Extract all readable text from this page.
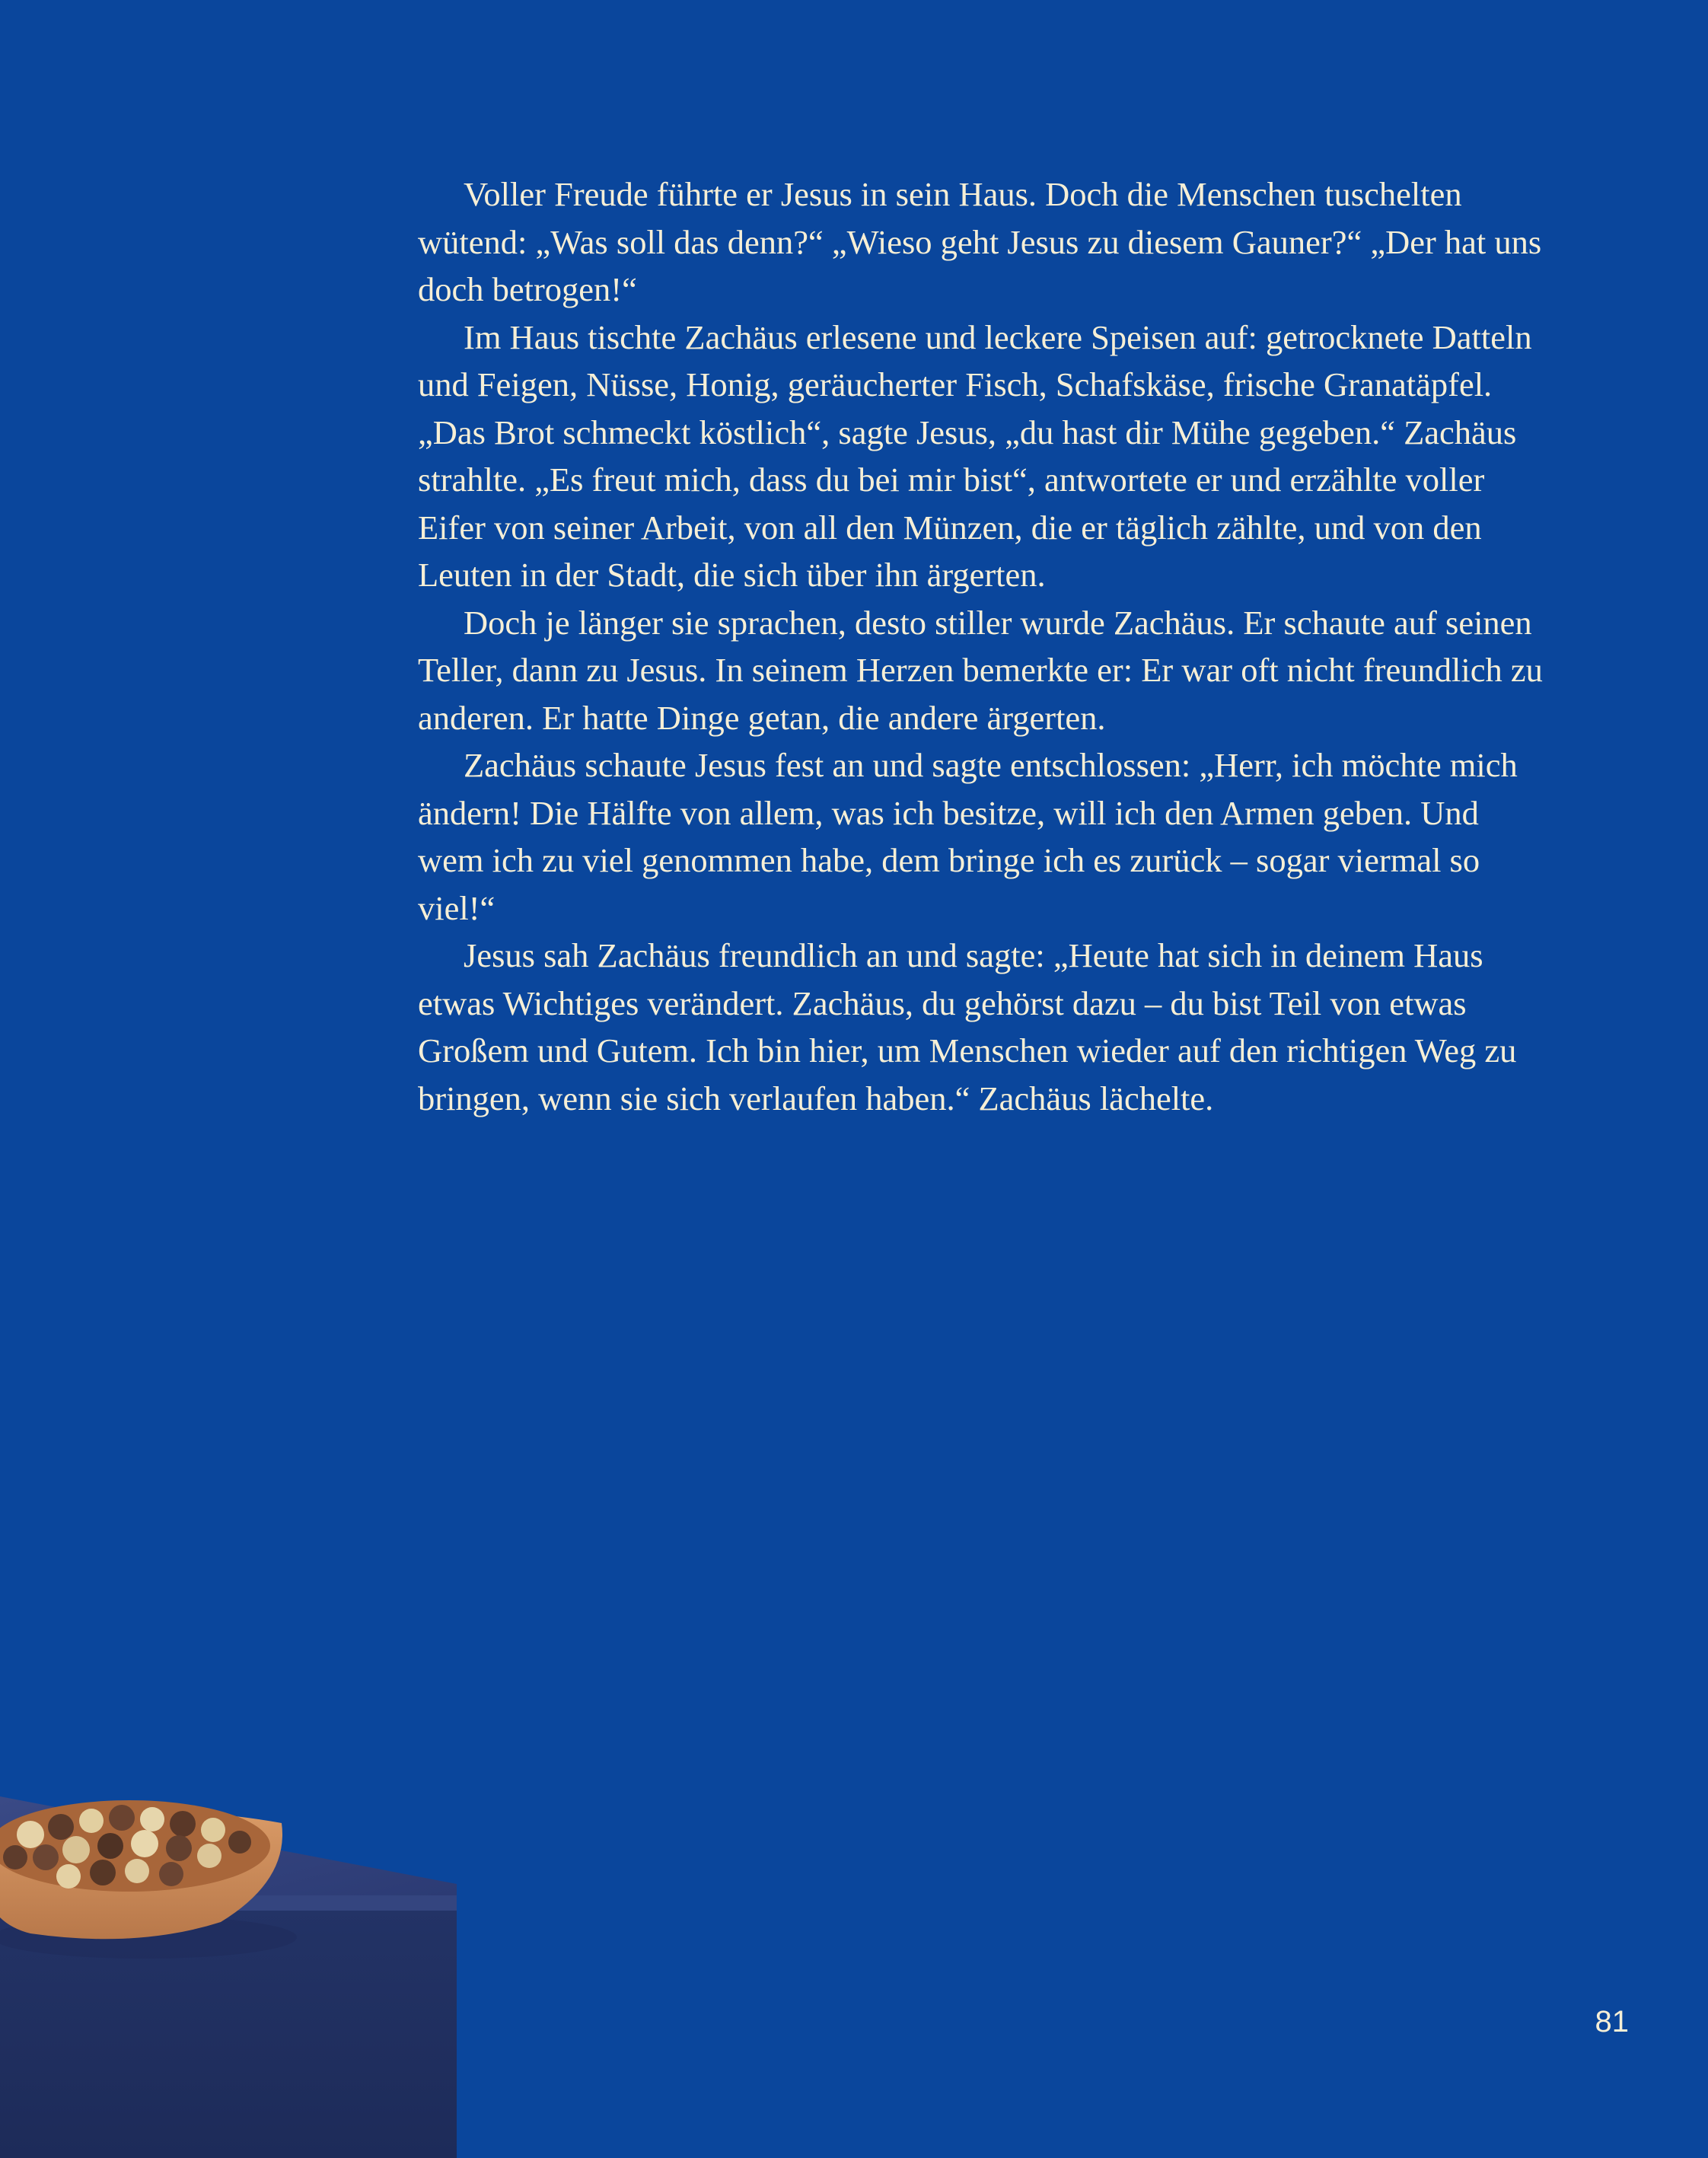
Voller Freude führte er Jesus in sein Haus. Doch die Menschen tuschelten wütend: „Was soll das denn?“ „Wieso geht Jesus zu diesem Gauner?“ „Der hat uns doch betrogen!“

Im Haus tischte Zachäus erlesene und leckere Speisen auf: getrocknete Datteln und Feigen, Nüsse, Honig, geräucherter Fisch, Schafskäse, frische Granatäpfel. „Das Brot schmeckt köstlich“, sagte Jesus, „du hast dir Mühe gegeben.“ Zachäus strahlte. „Es freut mich, dass du bei mir bist“, antwortete er und erzählte voller Eifer von seiner Arbeit, von all den Münzen, die er täglich zählte, und von den Leuten in der Stadt, die sich über ihn ärgerten.

Doch je länger sie sprachen, desto stiller wurde Zachäus. Er schaute auf seinen Teller, dann zu Jesus. In seinem Herzen bemerkte er: Er war oft nicht freundlich zu anderen. Er hatte Dinge getan, die andere ärgerten.

Zachäus schaute Jesus fest an und sagte entschlossen: „Herr, ich möchte mich ändern! Die Hälfte von allem, was ich besitze, will ich den Armen geben. Und wem ich zu viel genommen habe, dem bringe ich es zurück – sogar viermal so viel!“

Jesus sah Zachäus freundlich an und sagte: „Heute hat sich in deinem Haus etwas Wichtiges verändert. Zachäus, du gehörst dazu – du bist Teil von etwas Großem und Gutem. Ich bin hier, um Menschen wieder auf den richtigen Weg zu bringen, wenn sie sich verlaufen haben.“ Zachäus lächelte.

81
